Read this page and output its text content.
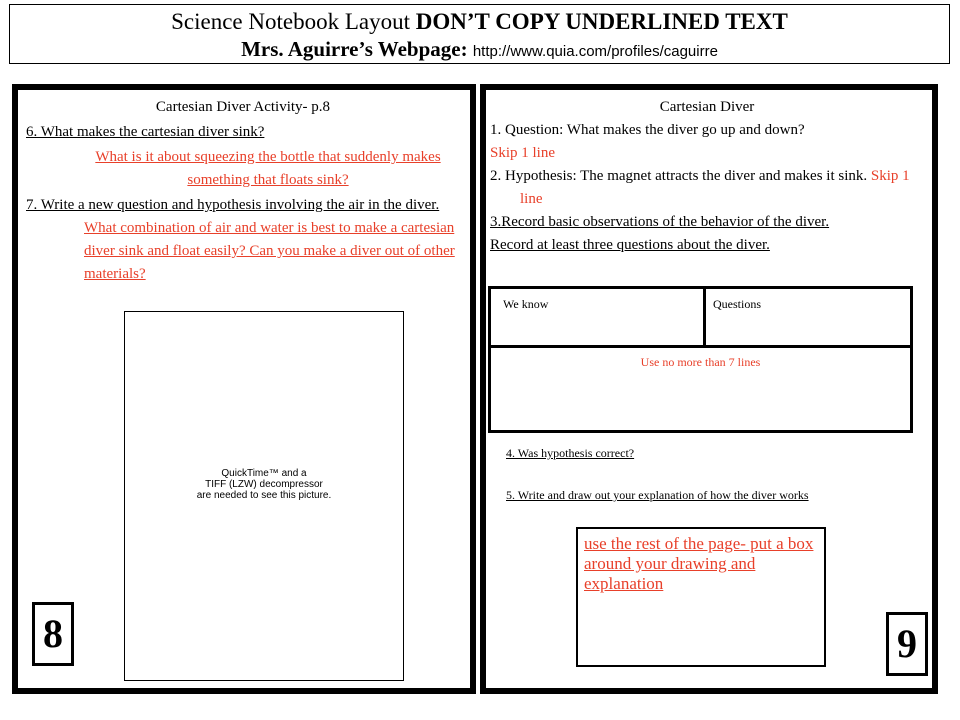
Science Notebook Layout DON’T COPY UNDERLINED TEXT
Mrs. Aguirre’s Webpage: http://www.quia.com/profiles/caguirre
Cartesian Diver Activity- p.8
6. What makes the cartesian diver sink?
What is it about squeezing the bottle that suddenly makes something that floats sink?
7. Write a new question and hypothesis involving the air in the diver. What combination of air and water is best to make a cartesian diver sink and float easily? Can you make a diver out of other materials?
QuickTime™ and a
TIFF (LZW) decompressor
are needed to see this picture.
8
Cartesian Diver
1. Question: What makes the diver go up and down?
Skip 1 line
2. Hypothesis: The magnet attracts the diver and makes it sink. Skip 1 line
3.Record basic observations of the behavior of the diver.
Record at least three questions about the diver.
We know	Questions
Use no more than 7 lines
4. Was hypothesis correct?
5. Write and draw out your explanation of how the diver works
use the rest of the page- put a box around your drawing and explanation
9
